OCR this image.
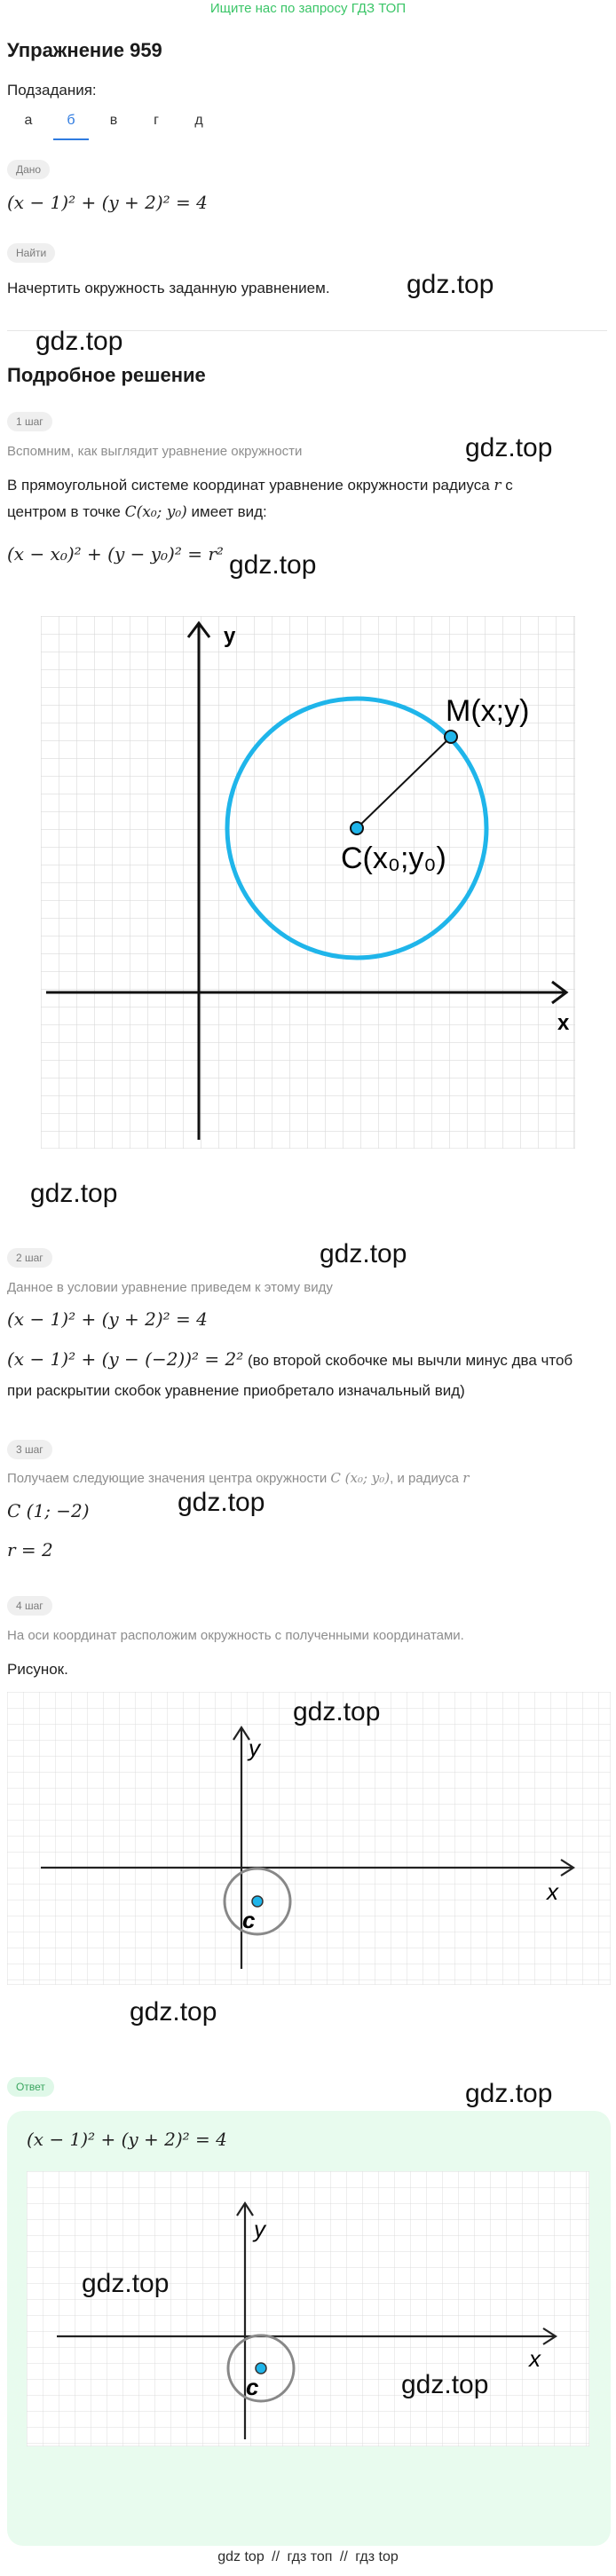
Ищите нас по запросу ГДЗ ТОП
Упражнение 959
Подзадания:
а	б	в	г	д
Дано
(x − 1)² + (y + 2)² = 4
Найти
Начертить окружность заданную уравнением.	gdz.top
gdz.top
Подробное решение
1 шаг
Вспомним, как выглядит уравнение окружности	gdz.top
В прямоугольной системе координат уравнение окружности радиуса r с
центром в точке C(x₀; y₀) имеет вид:
(x − x₀)² + (y − y₀)² = r² gdz.top
y
x
M(x;y)
C(x₀;y₀)
gdz.top
gdz.top
2 шаг
Данное в условии уравнение приведем к этому виду
(x − 1)² + (y + 2)² = 4
(x − 1)² + (y − (−2))² = 2² (во второй скобочке мы вычли минус два чтоб
при раскрытии скобок уравнение приобретало изначальный вид)
3 шаг
Получаем следующие значения центра окружности C (x₀; y₀), и радиуса r
C (1; −2)	gdz.top
r = 2
4 шаг
На оси координат расположим окружность с полученными координатами.
Рисунок.
y
x
c
gdz.top
gdz.top
Ответ	gdz.top
(x − 1)² + (y + 2)² = 4
y
x
c
gdz.top
gdz.top
gdz top // гдз топ // гдз top
